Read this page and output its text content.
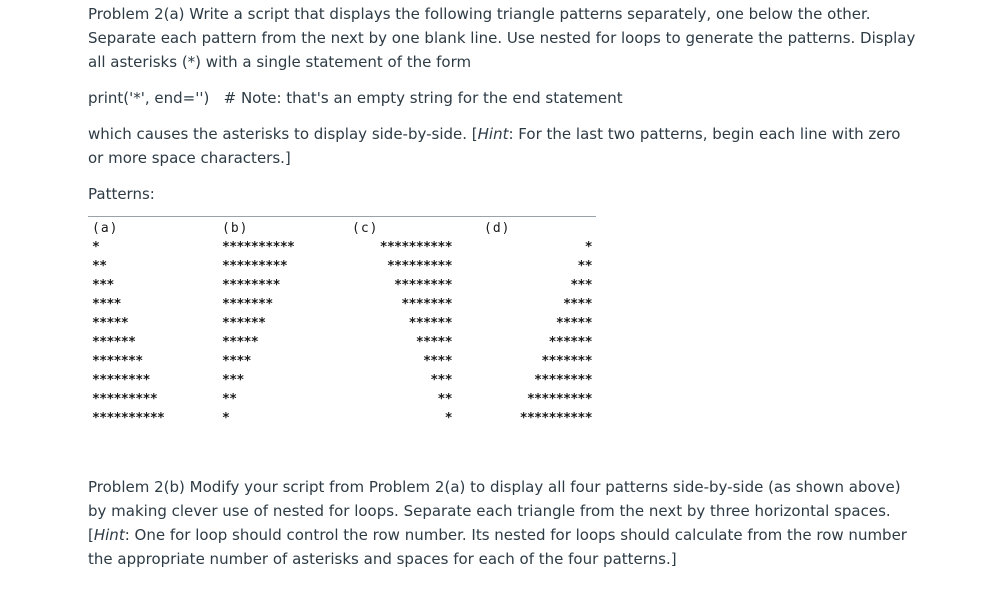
Problem 2(a) Write a script that displays the following triangle patterns separately, one below the other. Separate each pattern from the next by one blank line. Use nested for loops to generate the patterns. Display all asterisks (*) with a single statement of the form

print('*', end='')   # Note: that's an empty string for the end statement

which causes the asterisks to display side-by-side. [Hint: For the last two patterns, begin each line with zero or more space characters.]

Patterns:

Problem 2(b) Modify your script from Problem 2(a) to display all four patterns side-by-side (as shown above) by making clever use of nested for loops. Separate each triangle from the next by three horizontal spaces. [Hint: One for loop should control the row number. Its nested for loops should calculate from the row number the appropriate number of asterisks and spaces for each of the four patterns.]

(a)
*
**
***
****
*****
******
*******
********
*********
**********
(b)
**********
*********
********
*******
******
*****
****
***
**
*
(c)
**********
*********
********
*******
******
*****
****
***
**
*
(d)
*
**
***
****
*****
******
*******
********
*********
**********
